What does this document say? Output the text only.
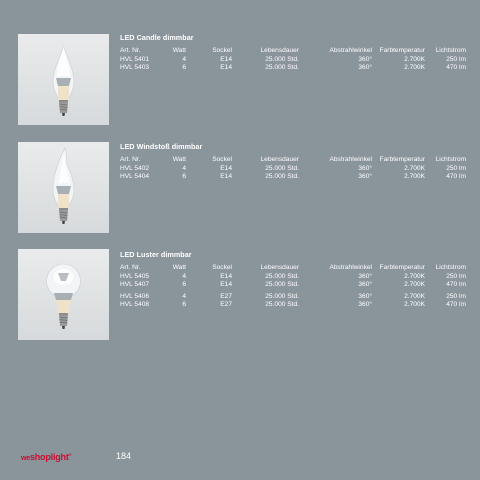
LED Candle dimmbar
Art. Nr.	Watt	Sockel	Lebensdauer	Abstrahlwinkel	Farbtemperatur	Lichtstrom
HVL 5401	4	E14	25.000 Std.	360°	2.700K	250 lm
HVL 5403	6	E14	25.000 Std.	360°	2.700K	470 lm
LED Windstoß dimmbar
Art. Nr.	Watt	Sockel	Lebensdauer	Abstrahlwinkel	Farbtemperatur	Lichtstrom
HVL 5402	4	E14	25.000 Std.	360°	2.700K	250 lm
HVL 5404	6	E14	25.000 Std.	360°	2.700K	470 lm
LED Luster dimmbar
Art. Nr.	Watt	Sockel	Lebensdauer	Abstrahlwinkel	Farbtemperatur	Lichtstrom
HVL 5405	4	E14	25.000 Std.	360°	2.700K	250 lm
HVL 5407	6	E14	25.000 Std.	360°	2.700K	470 lm
HVL 5406	4	E27	25.000 Std.	360°	2.700K	250 lm
HVL 5408	6	E27	25.000 Std.	360°	2.700K	470 lm
weshoplight®	184
